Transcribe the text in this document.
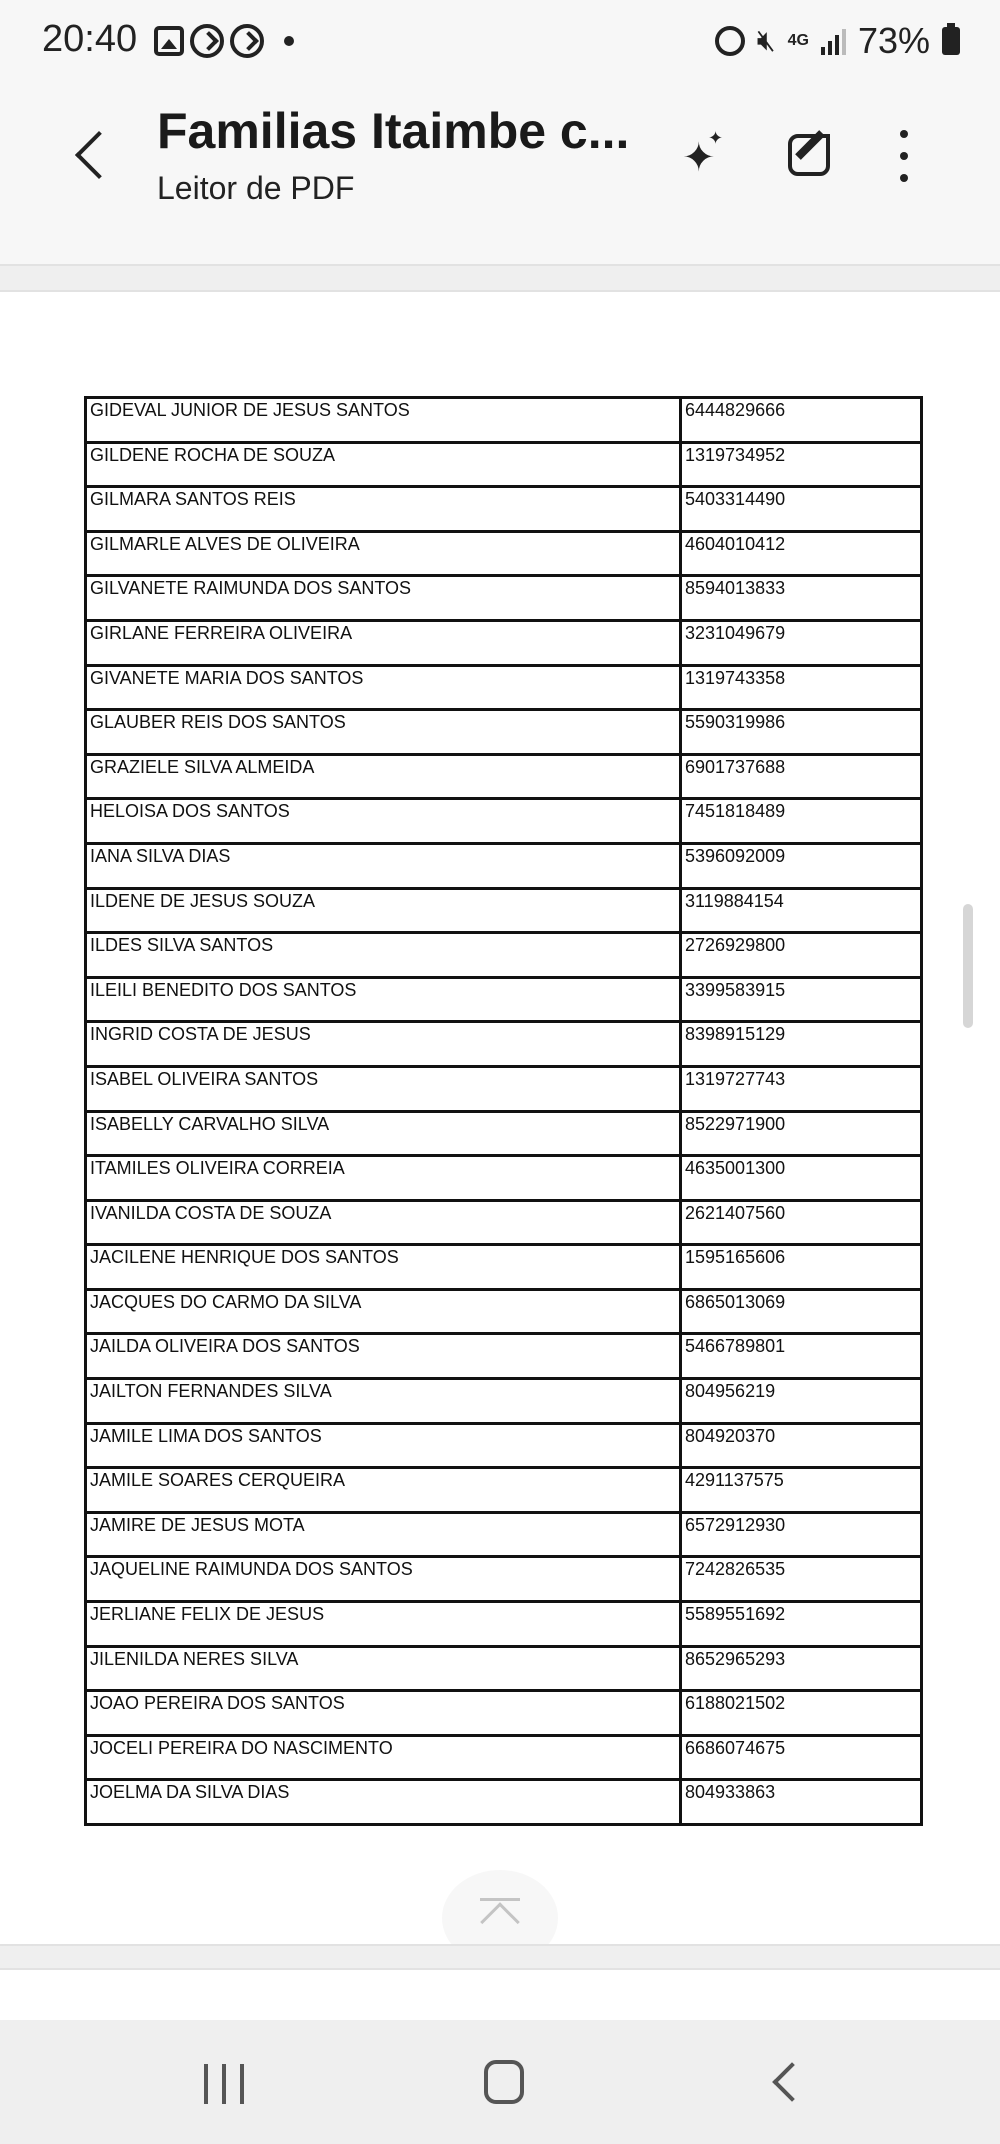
20:40	🔇︎ 4G 73%
Familias Itaimbe c...
Leitor de PDF
✦
✦
GIDEVAL JUNIOR DE JESUS SANTOS	6444829666
GILDENE ROCHA DE SOUZA	1319734952
GILMARA SANTOS REIS	5403314490
GILMARLE ALVES DE OLIVEIRA	4604010412
GILVANETE RAIMUNDA DOS SANTOS	8594013833
GIRLANE FERREIRA OLIVEIRA	3231049679
GIVANETE MARIA DOS SANTOS	1319743358
GLAUBER REIS DOS SANTOS	5590319986
GRAZIELE SILVA ALMEIDA	6901737688
HELOISA DOS SANTOS	7451818489
IANA SILVA DIAS	5396092009
ILDENE DE JESUS SOUZA	3119884154
ILDES SILVA SANTOS	2726929800
ILEILI BENEDITO DOS SANTOS	3399583915
INGRID COSTA DE JESUS	8398915129
ISABEL OLIVEIRA SANTOS	1319727743
ISABELLY CARVALHO SILVA	8522971900
ITAMILES OLIVEIRA CORREIA	4635001300
IVANILDA COSTA DE SOUZA	2621407560
JACILENE HENRIQUE DOS SANTOS	1595165606
JACQUES DO CARMO DA SILVA	6865013069
JAILDA OLIVEIRA DOS SANTOS	5466789801
JAILTON FERNANDES SILVA	804956219
JAMILE LIMA DOS SANTOS	804920370
JAMILE SOARES CERQUEIRA	4291137575
JAMIRE DE JESUS MOTA	6572912930
JAQUELINE RAIMUNDA DOS SANTOS	7242826535
JERLIANE FELIX DE JESUS	5589551692
JILENILDA NERES SILVA	8652965293
JOAO PEREIRA DOS SANTOS	6188021502
JOCELI PEREIRA DO NASCIMENTO	6686074675
JOELMA DA SILVA DIAS	804933863
